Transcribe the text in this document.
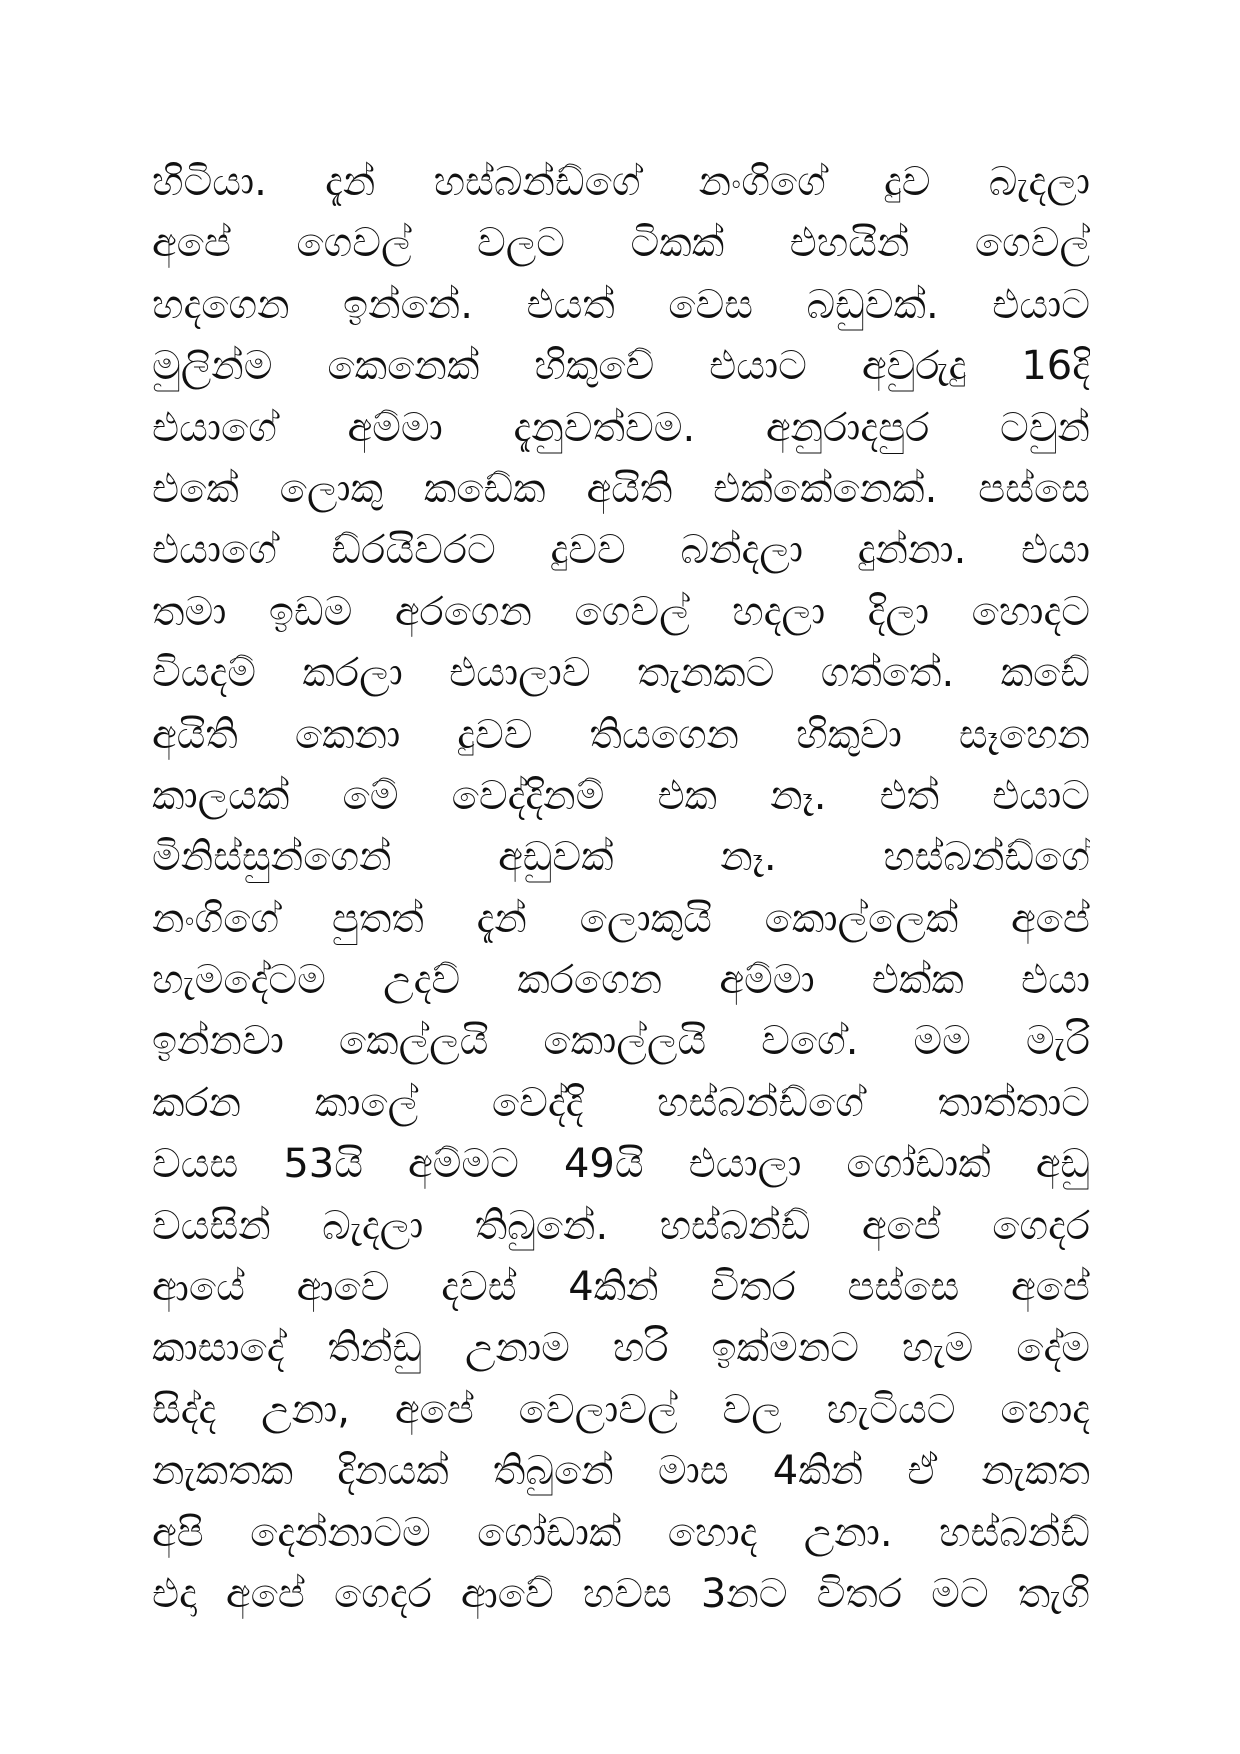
හිටියා. දැන් හස්බන්ඩ්ගේ නංගිගේ දුව බැදලා
අපේ ගෙවල් වලට ටිකක් එහයින් ගෙවල්
හදගෙන ඉන්නේ. එයත් වෙස බඩුවක්. එයාට
මුලින්ම කෙනෙක් හිකුවේ එයාට අවුරුදු 16දි
එයාගේ අම්මා දැනුවත්වම. අනුරාදපුර ටවුන්
එකේ ලොකු කඩේක අයිති එක්කේනෙක්. පස්සෙ
එයාගේ ඩ්රයිවරට දුවව බන්දලා දුන්නා. එයා
තමා ඉඩම අරගෙන ගෙවල් හදලා දිලා හොදට
වියදම් කරලා එයාලාව තැනකට ගත්තේ. කඩේ
අයිති කෙනා දුවව තියගෙන හිකුවා සෑහෙන
කාලයක් මේ වෙද්දිනම් එක නෑ. එත් එයාට
මිනිස්සුන්ගෙන් අඩුවක් නෑ. හස්බන්ඩ්ගේ
නංගිගේ පුතත් දැන් ලොකුයි කොල්ලෙක් අපේ
හැමදේටම උදව් කරගෙන අම්මා එක්ක එයා
ඉන්නවා කෙල්ලයි කොල්ලයි වගේ. මම මැරි
කරන කාලේ වෙද්දි හස්බන්ඩ්ගේ තාත්තාට
වයස 53යි අම්මට 49යි එයාලා ගෝඩාක් අඩු
වයසින් බැදලා තිබුනේ. හස්බන්ඩ් අපේ ගෙදර
ආයේ ආවෙ දවස් 4කින් විතර පස්සෙ අපේ
කාසාදේ තින්ඩු උනාම හරි ඉක්මනට හැම දේම
සිද්ද උනා, අපේ වෙලාවල් වල හැටියට හොද
නැකතක දිනයක් තිබුනේ මාස 4කින් ඒ නැකත
අපි දෙන්නාටම ගෝඩාක් හොද උනා. හස්බන්ඩ්
එදා අපේ ගෙදර ආවේ හවස 3නට විතර මට තැගි
